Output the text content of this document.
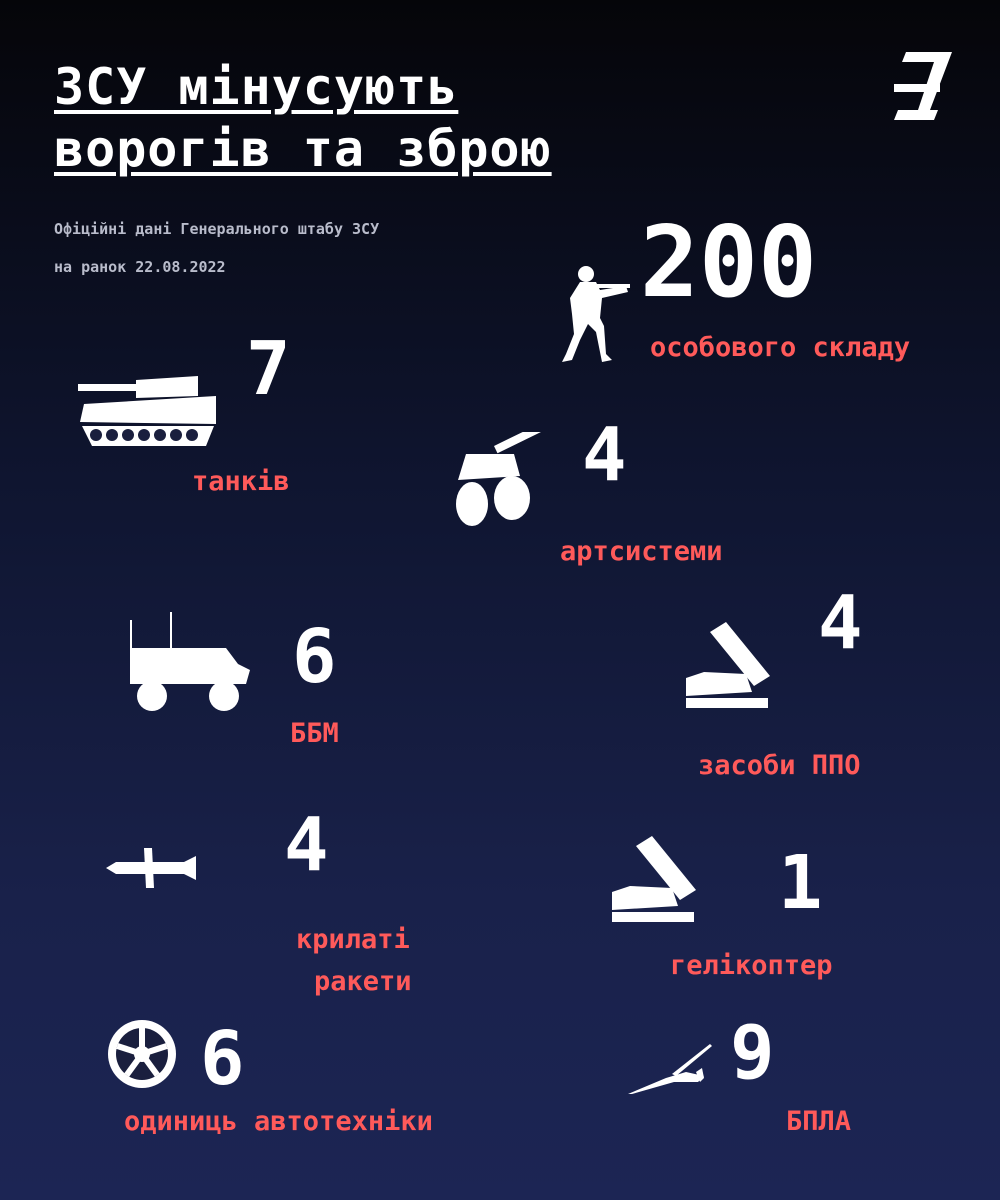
ЗСУ мінусують
ворогів та зброю
Офіційні дані Генерального штабу ЗСУ
на ранок 22.08.2022	200
особового складу
7
танків	4
артсистеми
6
ББМ
4
засоби ППО
4
крилаті
ракети
1
гелікоптер
6
одиниць автотехніки
9
БПЛА
